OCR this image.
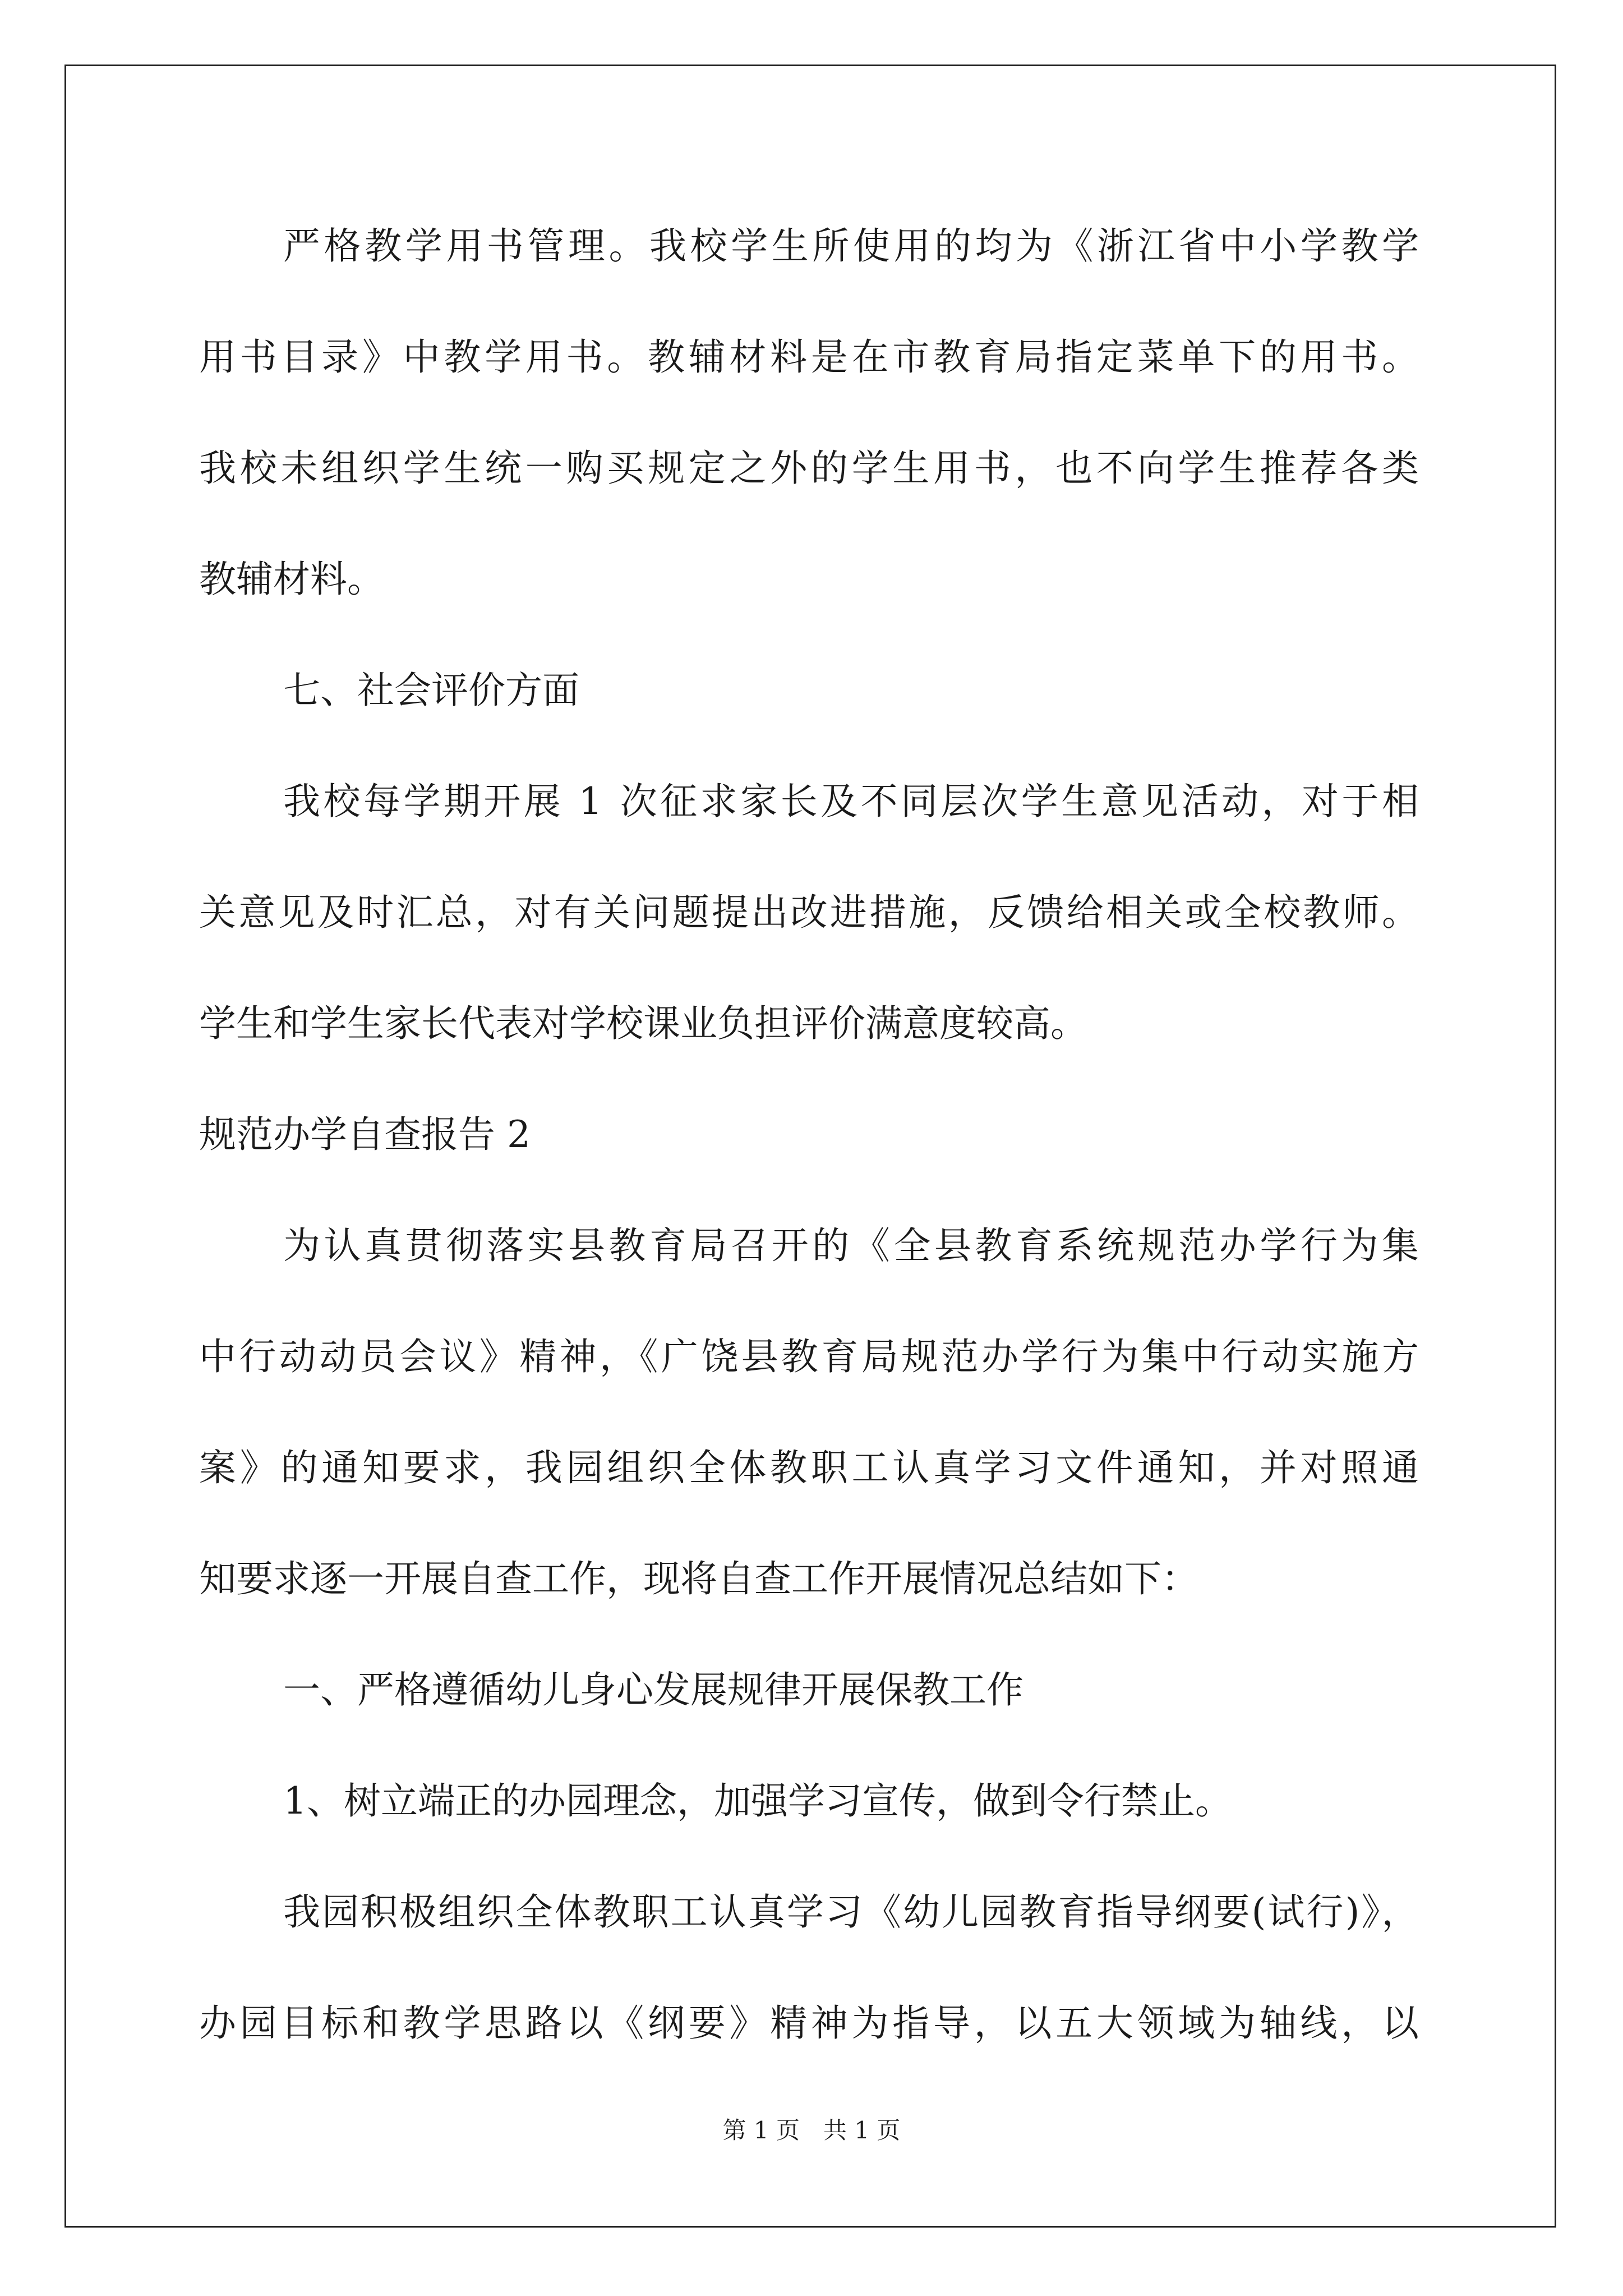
严格教学用书管理。我校学生所使用的均为《浙江省中小学教学
用书目录》中教学用书。教辅材料是在市教育局指定菜单下的用书。
我校未组织学生统一购买规定之外的学生用书，也不向学生推荐各类
教辅材料。
七、社会评价方面
我校每学期开展 1 次征求家长及不同层次学生意见活动，对于相
关意见及时汇总，对有关问题提出改进措施，反馈给相关或全校教师。
学生和学生家长代表对学校课业负担评价满意度较高。
规范办学自查报告 2
为认真贯彻落实县教育局召开的《全县教育系统规范办学行为集
中行动动员会议》精神，《广饶县教育局规范办学行为集中行动实施方
案》的通知要求，我园组织全体教职工认真学习文件通知，并对照通
知要求逐一开展自查工作，现将自查工作开展情况总结如下：
一、严格遵循幼儿身心发展规律开展保教工作
1、树立端正的办园理念，加强学习宣传，做到令行禁止。
我园积极组织全体教职工认真学习《幼儿园教育指导纲要(试行)》，
办园目标和教学思路以《纲要》精神为指导，以五大领域为轴线，以
第 1 页　共 1 页
